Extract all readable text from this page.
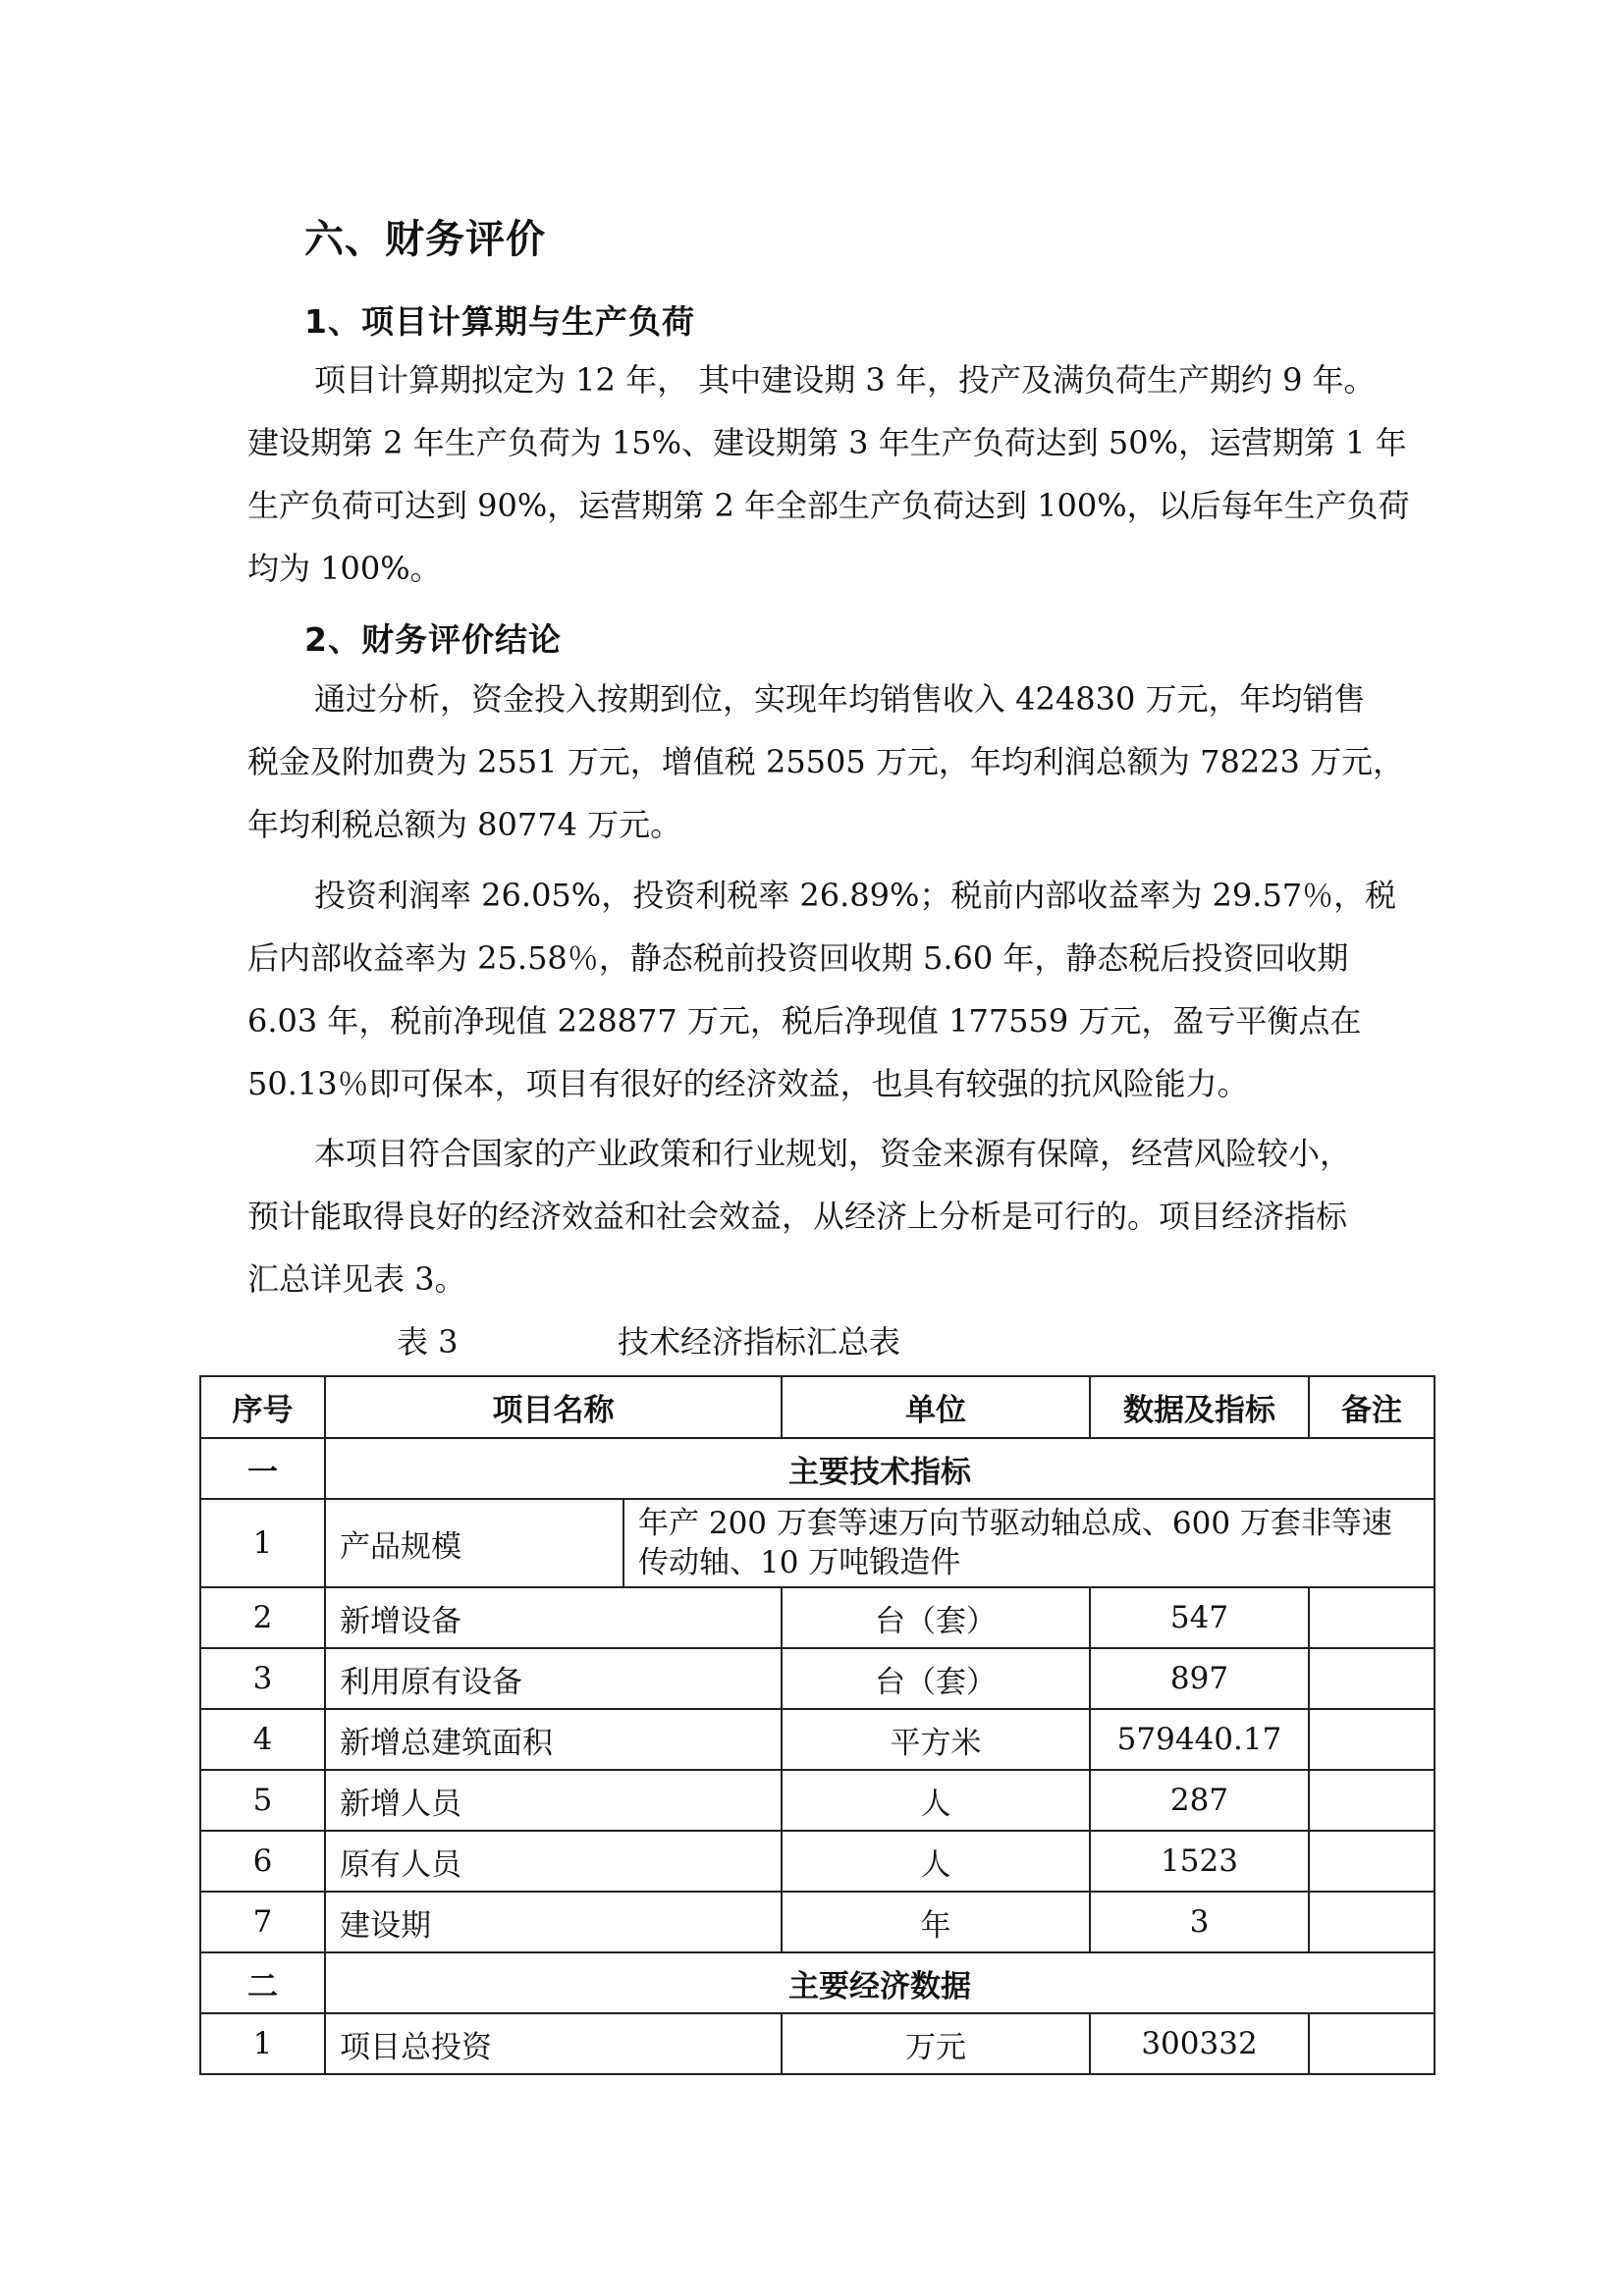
六、财务评价
1、项目计算期与生产负荷
项目计算期拟定为 12 年， 其中建设期 3 年，投产及满负荷生产期约 9 年。
建设期第 2 年生产负荷为 15%、建设期第 3 年生产负荷达到 50%，运营期第 1 年
生产负荷可达到 90%，运营期第 2 年全部生产负荷达到 100%，以后每年生产负荷
均为 100%。
2、财务评价结论
通过分析，资金投入按期到位，实现年均销售收入 424830 万元，年均销售
税金及附加费为 2551 万元，增值税 25505 万元，年均利润总额为 78223 万元，
年均利税总额为 80774 万元。
投资利润率 26.05%，投资利税率 26.89%；税前内部收益率为 29.57％，税
后内部收益率为 25.58％，静态税前投资回收期 5.60 年，静态税后投资回收期
6.03 年，税前净现值 228877 万元，税后净现值 177559 万元，盈亏平衡点在
50.13％即可保本，项目有很好的经济效益，也具有较强的抗风险能力。
本项目符合国家的产业政策和行业规划，资金来源有保障，经营风险较小，
预计能取得良好的经济效益和社会效益，从经济上分析是可行的。项目经济指标
汇总详见表 3。
表 3	技术经济指标汇总表
序号	项目名称		单位	数据及指标	备注
一	主要技术指标				
1	产品规模	年产 200 万套等速万向节驱动轴总成、600 万套非等速
传动轴、10 万吨锻造件			

2	新增设备		台（套）	547	
3	利用原有设备		台（套）	897	
4	新增总建筑面积		平方米	579440.17	
5	新增人员		人	287	
6	原有人员		人	1523	
7	建设期		年	3	
二	主要经济数据				
1	项目总投资		万元	300332	
